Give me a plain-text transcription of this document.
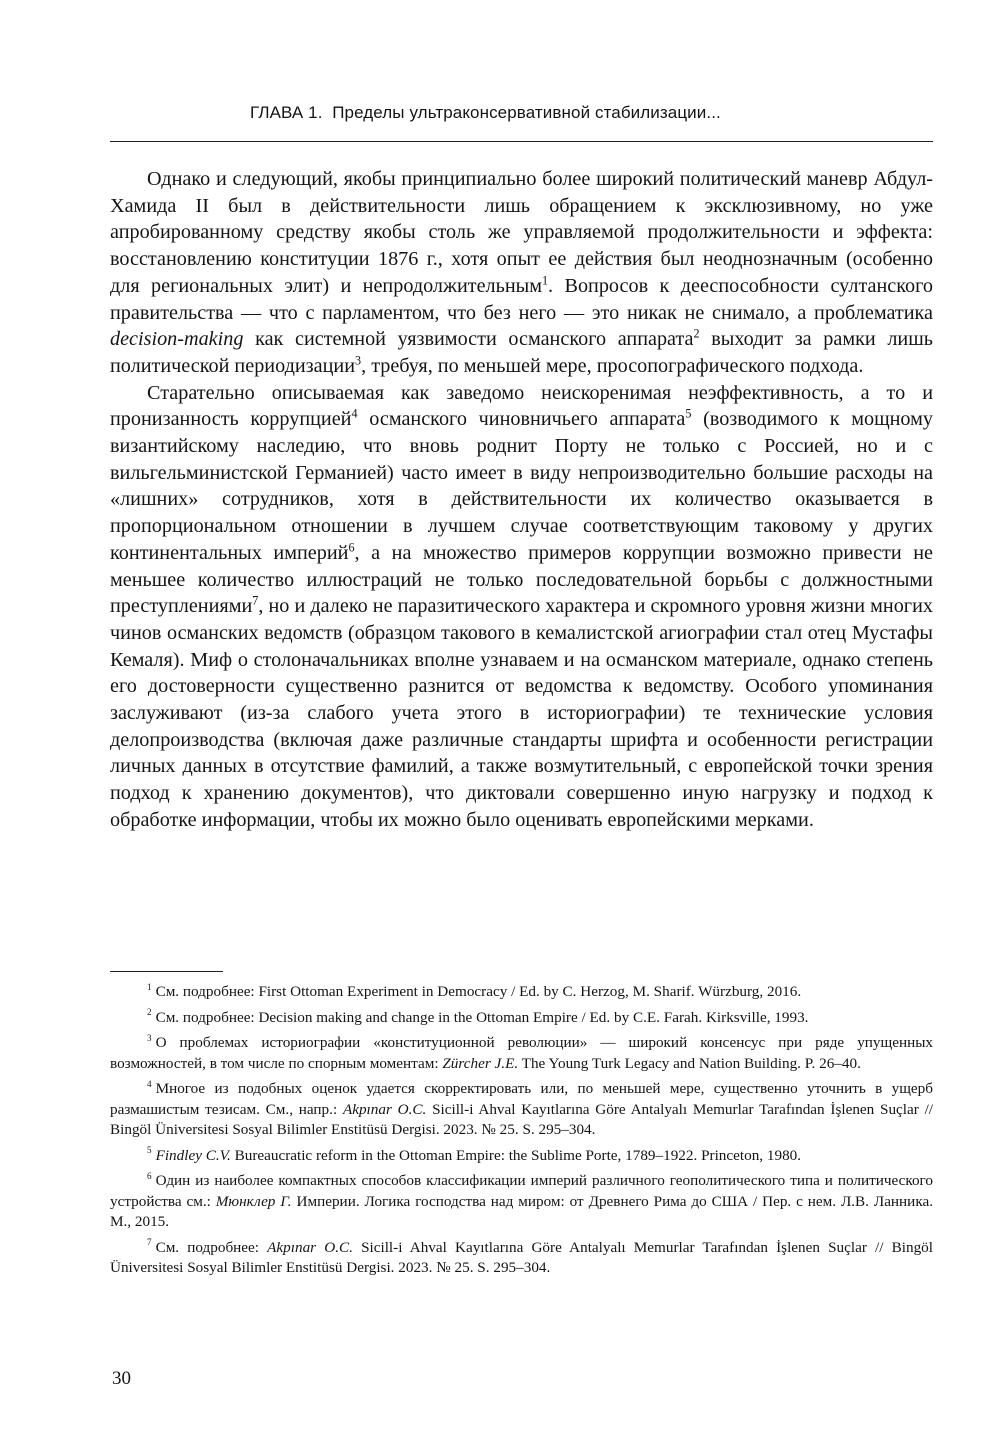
ГЛАВА 1. Пределы ультраконсервативной стабилизации...

Однако и следующий, якобы принципиально более широкий политический маневр Абдул-Хамида II был в действительности лишь обращением к эксклюзивному, но уже апробированному средству якобы столь же управляемой продолжительности и эффекта: восстановлению конституции 1876 г., хотя опыт ее действия был неоднозначным (особенно для региональных элит) и непродолжительным$^1$. Вопросов к дееспособности султанского правительства — что с парламентом, что без него — это никак не снимало, а проблематика decision-making как системной уязвимости османского аппарата$^2$ выходит за рамки лишь политической периодизации$^3$, требуя, по меньшей мере, просопографического подхода.

Старательно описываемая как заведомо неискоренимая неэффективность, а то и пронизанность коррупцией$^4$ османского чиновничьего аппарата$^5$ (возводимого к мощному византийскому наследию, что вновь роднит Порту не только с Россией, но и с вильгельминистской Германией) часто имеет в виду непроизводительно большие расходы на «лишних» сотрудников, хотя в действительности их количество оказывается в пропорциональном отношении в лучшем случае соответствующим таковому у других континентальных империй$^6$, а на множество примеров коррупции возможно привести не меньшее количество иллюстраций не только последовательной борьбы с должностными преступлениями$^7$, но и далеко не паразитического характера и скромного уровня жизни многих чинов османских ведомств (образцом такового в кемалистской агиографии стал отец Мустафы Кемаля). Миф о столоначальниках вполне узнаваем и на османском материале, однако степень его достоверности существенно разнится от ведомства к ведомству. Особого упоминания заслуживают (из-за слабого учета этого в историографии) те технические условия делопроизводства (включая даже различные стандарты шрифта и особенности регистрации личных данных в отсутствие фамилий, а также возмутительный, с европейской точки зрения подход к хранению документов), что диктовали совершенно иную нагрузку и подход к обработке информации, чтобы их можно было оценивать европейскими мерками.

$^1$ См. подробнее: First Ottoman Experiment in Democracy / Ed. by C. Herzog, M. Sharif. Würzburg, 2016.

$^2$ См. подробнее: Decision making and change in the Ottoman Empire / Ed. by C.E. Farah. Kirksville, 1993.

$^3$ О проблемах историографии «конституционной революции» — широкий консенсус при ряде упущенных возможностей, в том числе по спорным моментам: Zürcher J.E. The Young Turk Legacy and Nation Building. P. 26–40.

$^4$ Многое из подобных оценок удается скорректировать или, по меньшей мере, существенно уточнить в ущерб размашистым тезисам. См., напр.: Akpınar O.C. Sicill-i Ahval Kayıtlarına Göre Antalyalı Memurlar Tarafından İşlenen Suçlar // Bingöl Üniversitesi Sosyal Bilimler Enstitüsü Dergisi. 2023. № 25. S. 295–304.

$^5$ Findley C.V. Bureaucratic reform in the Ottoman Empire: the Sublime Porte, 1789–1922. Princeton, 1980.

$^6$ Один из наиболее компактных способов классификации империй различного геополитического типа и политического устройства см.: Мюнклер Г. Империи. Логика господства над миром: от Древнего Рима до США / Пер. с нем. Л.В. Ланника. М., 2015.

$^7$ См. подробнее: Akpınar O.C. Sicill-i Ahval Kayıtlarına Göre Antalyalı Memurlar Tarafından İşlenen Suçlar // Bingöl Üniversitesi Sosyal Bilimler Enstitüsü Dergisi. 2023. № 25. S. 295–304.

30
